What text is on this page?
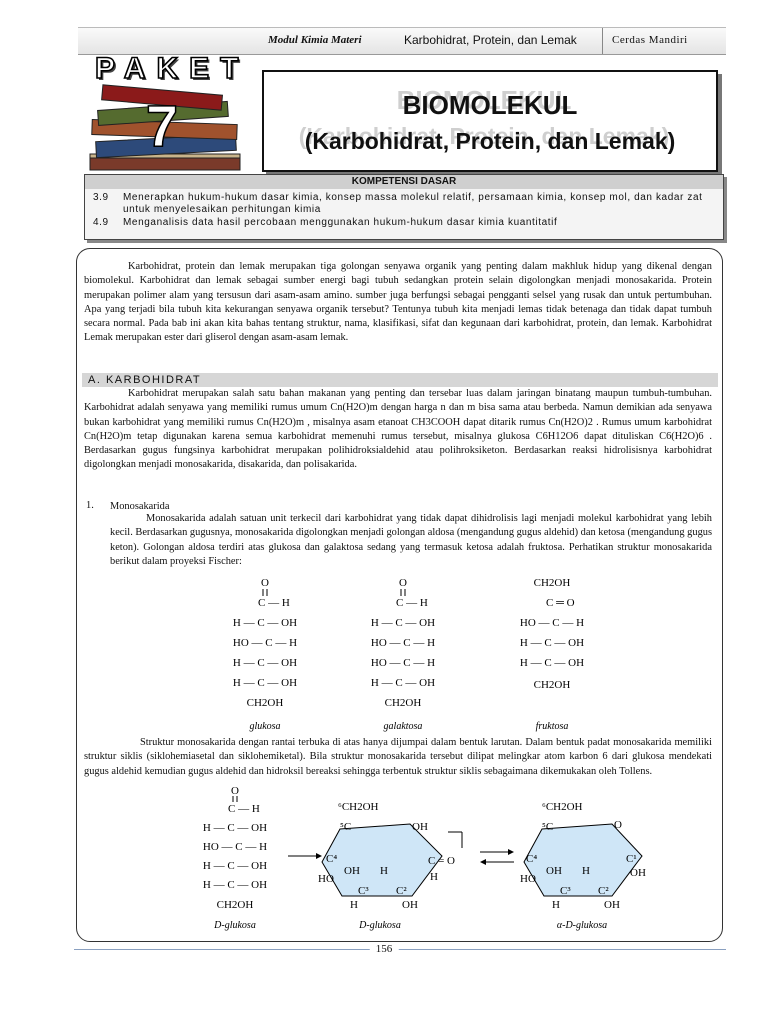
Modul Kimia Materi	Karbohidrat, Protein, dan Lemak	Cerdas Mandiri
PAKET
7	BIOMOLEKUL
(Karbohidrat, Protein, dan Lemak)
KOMPETENSI DASAR
3.9	Menerapkan hukum-hukum dasar kimia, konsep massa molekul relatif, persamaan kimia, konsep mol, dan kadar zat untuk menyelesaikan perhitungan kimia
4.9	Menganalisis data hasil percobaan menggunakan hukum-hukum dasar kimia kuantitatif
Karbohidrat, protein dan lemak merupakan tiga golongan senyawa organik yang penting dalam makhluk hidup yang dikenal dengan biomolekul. Karbohidrat dan lemak sebagai sumber energi bagi tubuh sedangkan protein selain digolongkan menjadi monosakarida. Protein merupakan polimer alam yang tersusun dari asam-asam amino. sumber juga berfungsi sebagai pengganti selsel yang rusak dan untuk pertumbuhan. Apa yang terjadi bila tubuh kita kekurangan senyawa organik tersebut? Tentunya tubuh kita menjadi lemas tidak betenaga dan tidak dapat tumbuh secara normal. Pada bab ini akan kita bahas tentang struktur, nama, klasifikasi, sifat dan kegunaan dari karbohidrat, protein, dan lemak. Karbohidrat Lemak merupakan ester dari gliserol dengan asam-asam lemak.
A. KARBOHIDRAT
Karbohidrat merupakan salah satu bahan makanan yang penting dan tersebar luas dalam jaringan binatang maupun tumbuh-tumbuhan. Karbohidrat adalah senyawa yang memiliki rumus umum Cn(H2O)m dengan harga n dan m bisa sama atau berbeda. Namun demikian ada senyawa bukan karbohidrat yang memiliki rumus Cn(H2O)m , misalnya asam etanoat CH3COOH dapat ditarik rumus Cn(H2O)2 . Rumus umum karbohidrat Cn(H2O)m tetap digunakan karena semua karbohidrat memenuhi rumus tersebut, misalnya glukosa C6H12O6 dapat dituliskan C6(H2O)6 . Berdasarkan gugus fungsinya karbohidrat merupakan polihidroksialdehid atau polihroksiketon. Berdasarkan reaksi hidrolisisnya karbohidrat digolongkan menjadi monosakarida, disakarida, dan polisakarida.
1. Monosakarida
Monosakarida adalah satuan unit terkecil dari karbohidrat yang tidak dapat dihidrolisis lagi menjadi molekul karbohidrat yang lebih kecil. Berdasarkan gugusnya, monosakarida digolongkan menjadi golongan aldosa (mengandung gugus aldehid) dan ketosa (mengandung gugus keton). Golongan aldosa terdiri atas glukosa dan galaktosa sedang yang termasuk ketosa adalah fruktosa. Perhatikan struktur monosakarida berikut dalam proyeksi Fischer:
O
C — H
H — C — OH
HO — C — H
H — C — OH
H — C — OH
CH2OH
glukosa
O
C — H
H — C — OH
HO — C — H
HO — C — H
H — C — OH
CH2OH
galaktosa
CH2OH
C ═ O
HO — C — H
H — C — OH
H — C — OH
CH2OH
fruktosa
Struktur monosakarida dengan rantai terbuka di atas hanya dijumpai dalam bentuk larutan. Dalam bentuk padat monosakarida memiliki struktur siklis (siklohemiasetal dan siklohemiketal). Bila struktur monosakarida tersebut dilipat melingkar atom karbon 6 dari glukosa mendekati gugus aldehid kemudian gugus aldehid dan hidroksil bereaksi sehingga terbentuk struktur siklis sebagaimana dikemukakan oleh Tollens.
O
C — H
H — C — OH
HO — C — H
H — C — OH
H — C — OH
CH2OH
D-glukosa
⁶CH2OH
⁵C	OH
C⁴
OH H
HO
C³ C²
H	OH
C = O
H
D-glukosa
⁶CH2OH
⁵C	O
C⁴	C¹
OH H	OH
HO
C³ C²
H	OH
α-D-glukosa
156
